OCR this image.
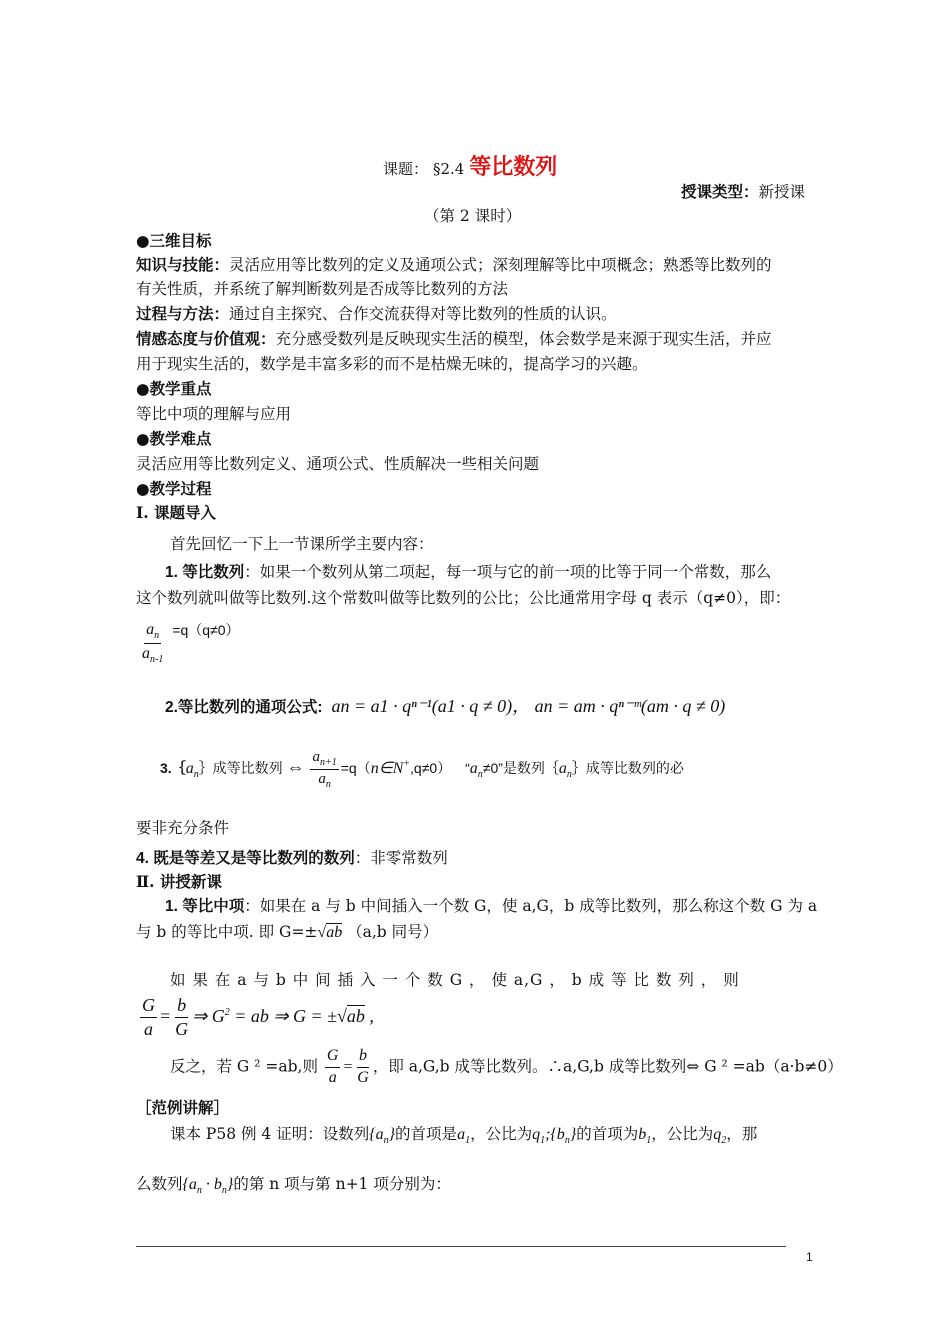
课题： §2.4 等比数列
授课类型：新授课
（第 2 课时）
●三维目标
知识与技能：灵活应用等比数列的定义及通项公式；深刻理解等比中项概念；熟悉等比数列的
有关性质，并系统了解判断数列是否成等比数列的方法
过程与方法：通过自主探究、合作交流获得对等比数列的性质的认识。
情感态度与价值观：充分感受数列是反映现实生活的模型，体会数学是来源于现实生活，并应
用于现实生活的，数学是丰富多彩的而不是枯燥无味的，提高学习的兴趣。
●教学重点
等比中项的理解与应用
●教学难点
灵活应用等比数列定义、通项公式、性质解决一些相关问题
●教学过程
Ⅰ. 课题导入
首先回忆一下上一节课所学主要内容：
1. 等比数列：如果一个数列从第二项起，每一项与它的前一项的比等于同一个常数，那么
这个数列就叫做等比数列.这个常数叫做等比数列的公比；公比通常用字母 q 表示（q≠0），即：
$\frac{a_n}{a_{n-1}} =q(q\ne 0)$
2.等比数列的通项公式: an = a1 · qⁿ⁻¹(a1 · q ≠ 0)， an = am · qⁿ⁻ᵐ(am · q ≠ 0)
$3.\{a_n\}$成等比数列 ⇔ $\frac{a_{n+1}}{a_n}$ =q（n∈N+,q≠0） “$a_n\ne 0$”是数列$\{a_n\}$成等比数列的必
要非充分条件
4. 既是等差又是等比数列的数列：非零常数列
Ⅱ. 讲授新课
1. 等比中项：如果在 a 与 b 中间插入一个数 G，使 a,G，b 成等比数列，那么称这个数 G 为 a
与 b 的等比中项. 即 G=±√ab （a,b 同号）
如 果 在 a 与 b 中 间 插 入 一 个 数 G ， 使 a,G ， b 成 等 比 数 列 ， 则
$\frac{G}{a} = \frac{b}{G}$ ⇒ $G^2$ = ab ⇒ G = ±√ab ,
反之，若 G ² =ab,则 $\frac{G}{a} = \frac{b}{G}$ ，即 a,G,b 成等比数列。∴a,G,b 成等比数列⇔ G ² =ab（a·b≠0）
［范例讲解］
课本 P58 例 4 证明：设数列$\{a_n\}$的首项是$a_1$，公比为$q_1;\{b_n\}$的首项为$b_1$，公比为$q_2$，那
么数列$\{a_n \cdot b_n\}$的第 n 项与第 n+1 项分别为：
1
